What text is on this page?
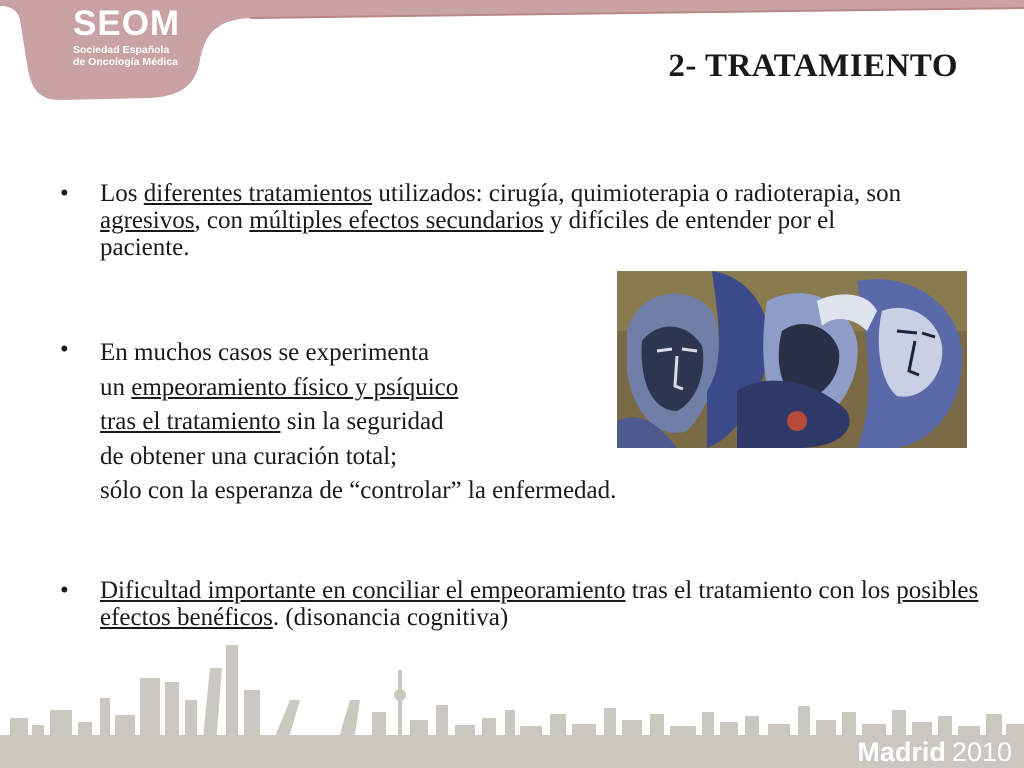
SEOM
Sociedad Española
de Oncología Médica	2- TRATAMIENTO
•	Los diferentes tratamientos utilizados: cirugía, quimioterapia o radioterapia, son agresivos, con múltiples efectos secundarios y difíciles de entender por el paciente.
•	En muchos casos se experimenta
un empeoramiento físico y psíquico
tras el tratamiento sin la seguridad
de obtener una curación total;
sólo con la esperanza de “controlar” la enfermedad.
•	Dificultad importante en conciliar el empeoramiento tras el tratamiento con los posibles efectos benéficos. (disonancia cognitiva)
Madrid 2010
